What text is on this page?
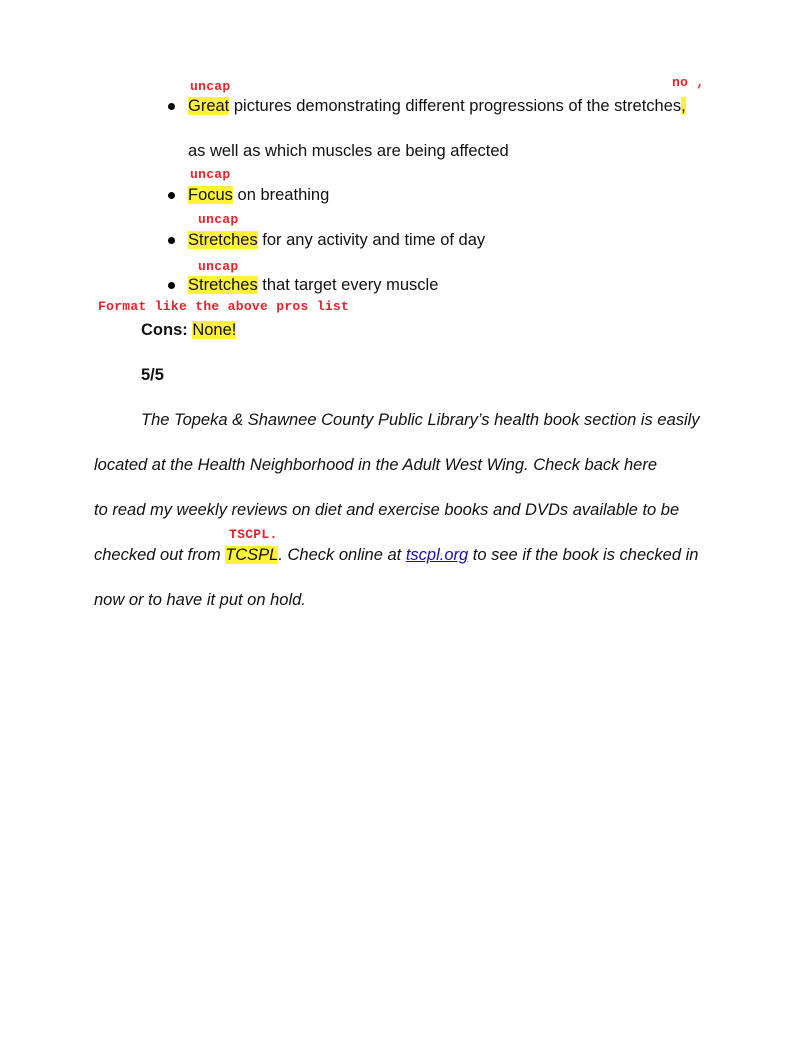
uncap	no ,
Great pictures demonstrating different progressions of the stretches,
as well as which muscles are being affected
uncap
Focus on breathing
uncap
Stretches for any activity and time of day
uncap
Stretches that target every muscle
Format like the above pros list
Cons: None!
5/5
The Topeka & Shawnee County Public Library’s health book section is easily
located at the Health Neighborhood in the Adult West Wing. Check back here
to read my weekly reviews on diet and exercise books and DVDs available to be
TSCPL.
checked out from TCSPL. Check online at tscpl.org to see if the book is checked in
now or to have it put on hold.
